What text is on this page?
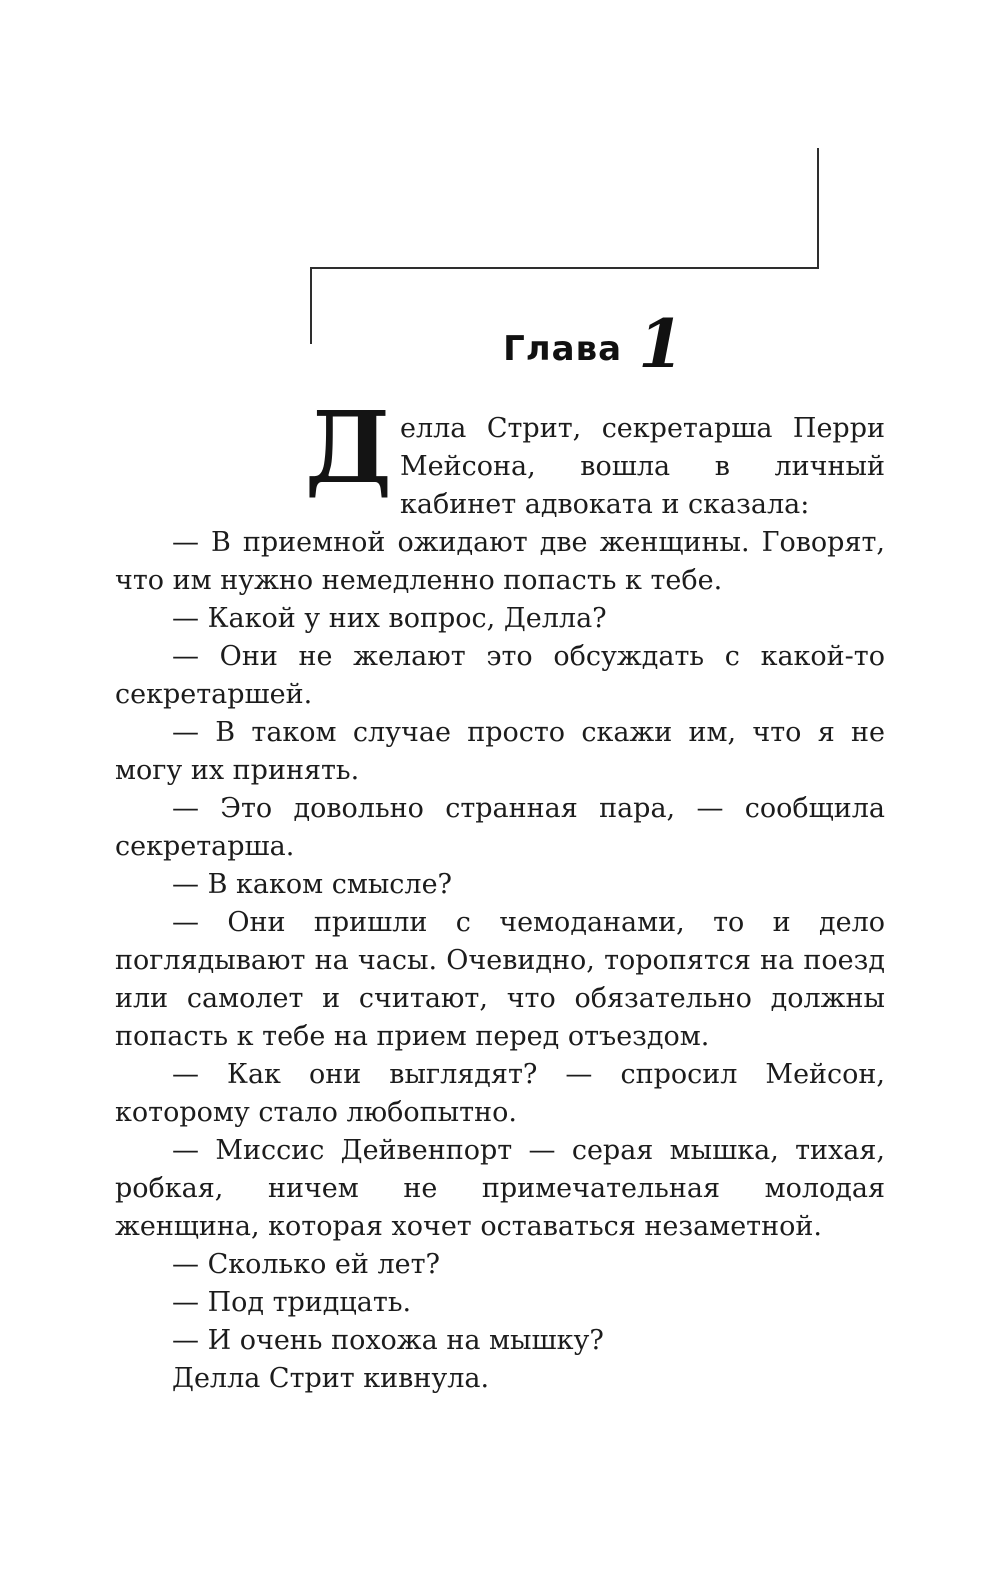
Глава 1

Делла Стрит, секретарша Перри Мейсона, вошла в личный кабинет адвоката и сказала:

— В приемной ожидают две женщины. Говорят, что им нужно немедленно попасть к тебе.

— Какой у них вопрос, Делла?

— Они не желают это обсуждать с какой-то секретаршей.

— В таком случае просто скажи им, что я не могу их принять.

— Это довольно странная пара, — сообщила секретарша.

— В каком смысле?

— Они пришли с чемоданами, то и дело поглядывают на часы. Очевидно, торопятся на поезд или самолет и считают, что обязательно должны попасть к тебе на прием перед отъездом.

— Как они выглядят? — спросил Мейсон, которому стало любопытно.

— Миссис Дейвенпорт — серая мышка, тихая, робкая, ничем не примечательная молодая женщина, которая хочет оставаться незаметной.

— Сколько ей лет?

— Под тридцать.

— И очень похожа на мышку?

Делла Стрит кивнула.
